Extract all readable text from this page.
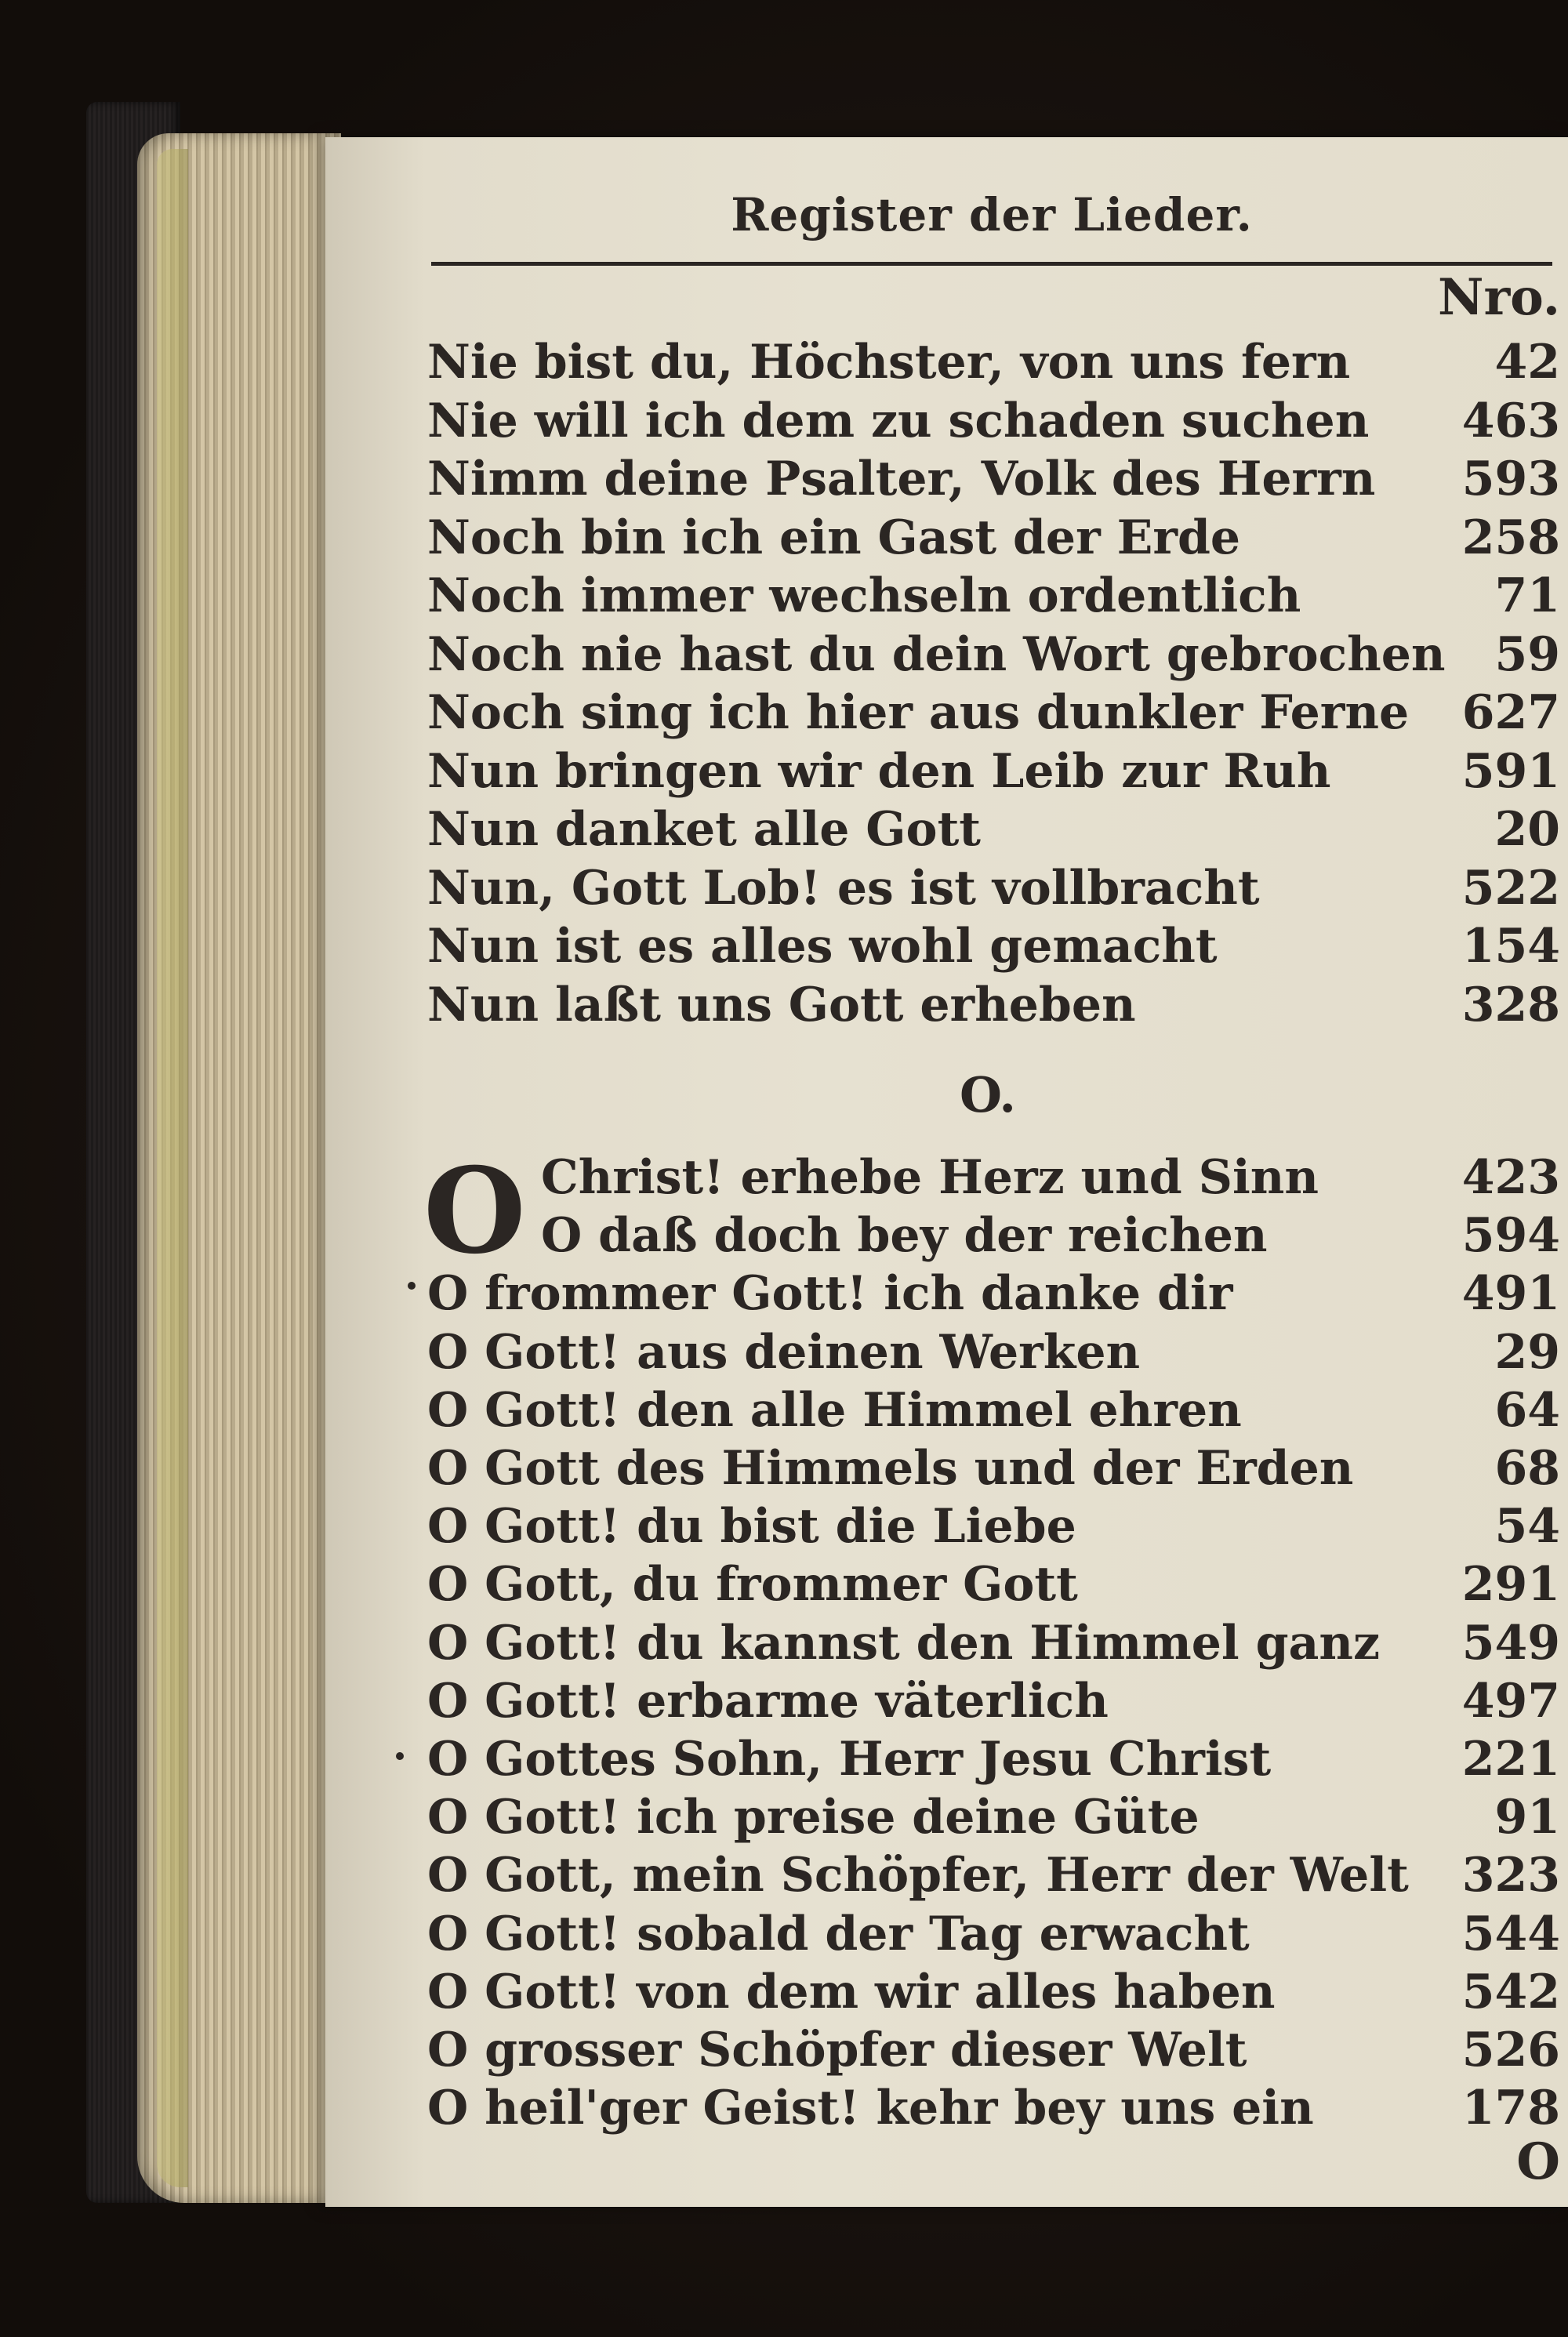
Register der Lieder.
Nro.
Nie bist du, Höchster, von uns fern	42
Nie will ich dem zu schaden suchen 463
Nimm deine Psalter, Volk des Herrn 593
Noch bin ich ein Gast der Erde	258
Noch immer wechseln ordentlich	71
Noch nie hast du dein Wort gebrochen 59
Noch sing ich hier aus dunkler Ferne 627
Nun bringen wir den Leib zur Ruh	591
Nun danket alle Gott	20
Nun, Gott Lob! es ist vollbracht	522
Nun ist es alles wohl gemacht	154
Nun laßt uns Gott erheben	328
O.
O Christ! erhebe Herz und Sinn	423
O daß doch bey der reichen	594
O frommer Gott! ich danke dir	491
O Gott! aus deinen Werken	29
O Gott! den alle Himmel ehren	64
O Gott des Himmels und der Erden	68
O Gott! du bist die Liebe	54
O Gott, du frommer Gott	291
O Gott! du kannst den Himmel ganz 549
O Gott! erbarme väterlich	497
O Gottes Sohn, Herr Jesu Christ	221
O Gott! ich preise deine Güte	91
O Gott, mein Schöpfer, Herr der Welt 323
O Gott! sobald der Tag erwacht	544
O Gott! von dem wir alles haben	542
O grosser Schöpfer dieser Welt	526
O heil'ger Geist! kehr bey uns ein	178
O
